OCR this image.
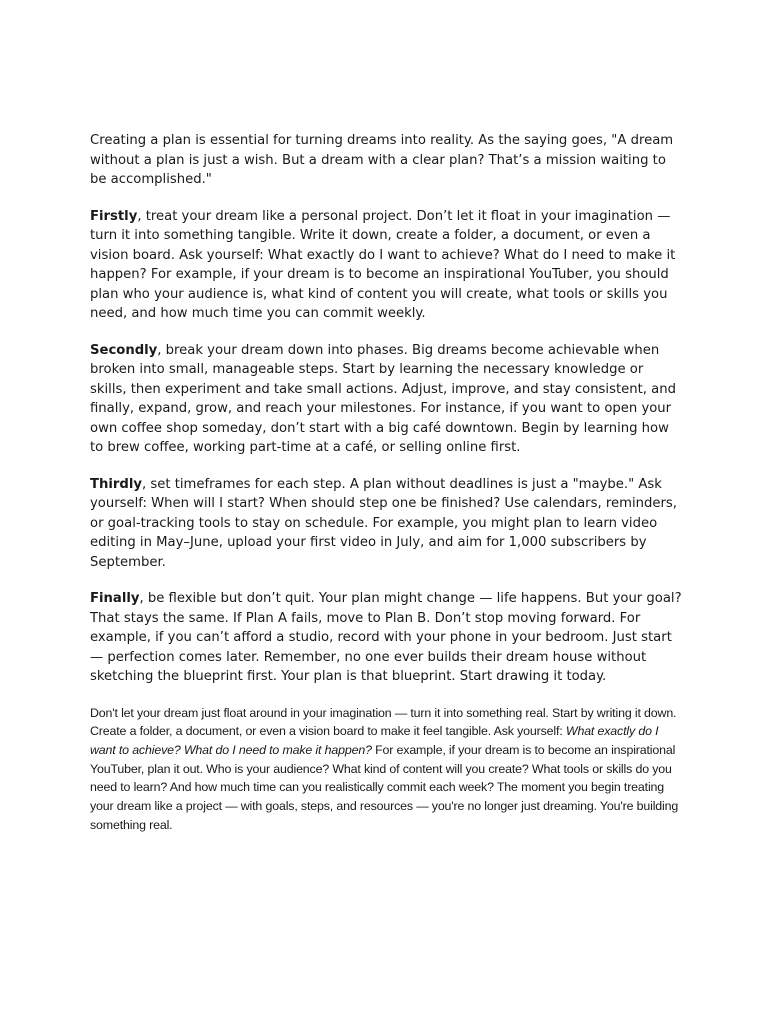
Creating a plan is essential for turning dreams into reality. As the saying goes, "A dream without a plan is just a wish. But a dream with a clear plan? That’s a mission waiting to be accomplished."

Firstly, treat your dream like a personal project. Don’t let it float in your imagination — turn it into something tangible. Write it down, create a folder, a document, or even a vision board. Ask yourself: What exactly do I want to achieve? What do I need to make it happen? For example, if your dream is to become an inspirational YouTuber, you should plan who your audience is, what kind of content you will create, what tools or skills you need, and how much time you can commit weekly.

Secondly, break your dream down into phases. Big dreams become achievable when broken into small, manageable steps. Start by learning the necessary knowledge or skills, then experiment and take small actions. Adjust, improve, and stay consistent, and finally, expand, grow, and reach your milestones. For instance, if you want to open your own coffee shop someday, don’t start with a big café downtown. Begin by learning how to brew coffee, working part-time at a café, or selling online first.

Thirdly, set timeframes for each step. A plan without deadlines is just a "maybe." Ask yourself: When will I start? When should step one be finished? Use calendars, reminders, or goal-tracking tools to stay on schedule. For example, you might plan to learn video editing in May–June, upload your first video in July, and aim for 1,000 subscribers by September.

Finally, be flexible but don’t quit. Your plan might change — life happens. But your goal? That stays the same. If Plan A fails, move to Plan B. Don’t stop moving forward. For example, if you can’t afford a studio, record with your phone in your bedroom. Just start — perfection comes later. Remember, no one ever builds their dream house without sketching the blueprint first. Your plan is that blueprint. Start drawing it today.

Don't let your dream just float around in your imagination — turn it into something real. Start by writing it down. Create a folder, a document, or even a vision board to make it feel tangible. Ask yourself: What exactly do I want to achieve? What do I need to make it happen? For example, if your dream is to become an inspirational YouTuber, plan it out. Who is your audience? What kind of content will you create? What tools or skills do you need to learn? And how much time can you realistically commit each week? The moment you begin treating your dream like a project — with goals, steps, and resources — you're no longer just dreaming. You're building something real.
